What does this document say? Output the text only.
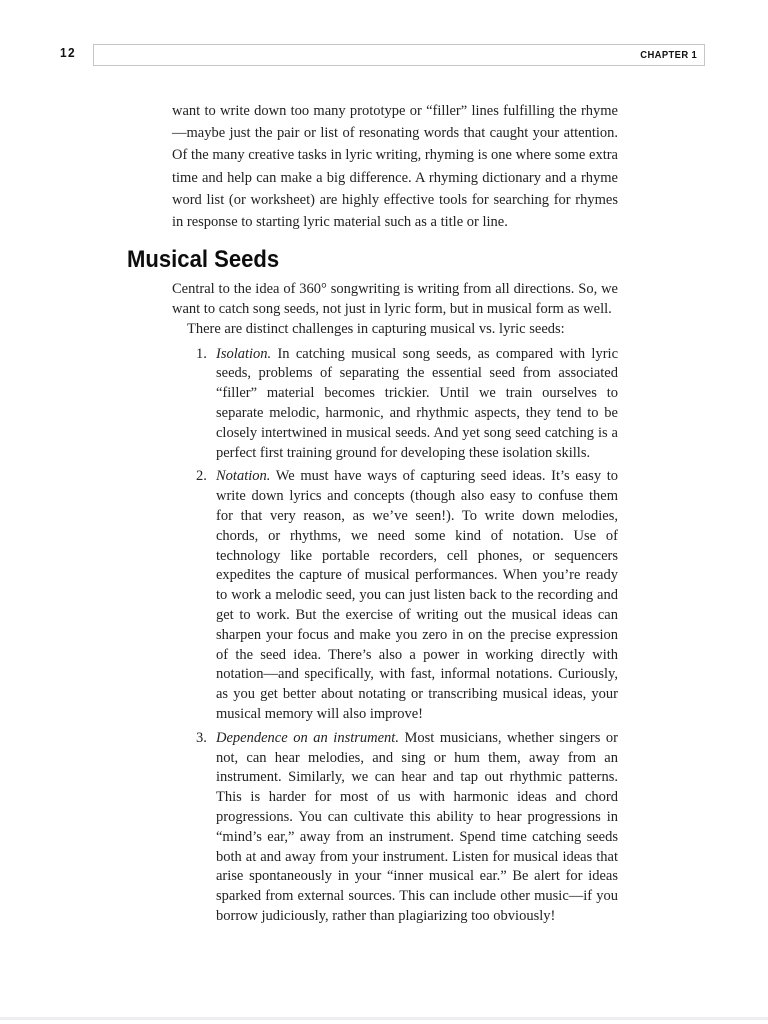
12	CHAPTER 1

want to write down too many prototype or “filler” lines fulfilling the rhyme—maybe just the pair or list of resonating words that caught your attention. Of the many creative tasks in lyric writing, rhyming is one where some extra time and help can make a big difference. A rhyming dictionary and a rhyme word list (or worksheet) are highly effective tools for searching for rhymes in response to starting lyric material such as a title or line.

Musical Seeds

Central to the idea of 360° songwriting is writing from all directions. So, we want to catch song seeds, not just in lyric form, but in musical form as well.

There are distinct challenges in capturing musical vs. lyric seeds:

1. Isolation. In catching musical song seeds, as compared with lyric seeds, problems of separating the essential seed from associated “filler” material becomes trickier. Until we train ourselves to separate melodic, harmonic, and rhythmic aspects, they tend to be closely intertwined in musical seeds. And yet song seed catching is a perfect first training ground for developing these isolation skills.
2. Notation. We must have ways of capturing seed ideas. It’s easy to write down lyrics and concepts (though also easy to confuse them for that very reason, as we’ve seen!). To write down melodies, chords, or rhythms, we need some kind of notation. Use of technology like portable recorders, cell phones, or sequencers expedites the capture of musical performances. When you’re ready to work a melodic seed, you can just listen back to the recording and get to work. But the exercise of writing out the musical ideas can sharpen your focus and make you zero in on the precise expression of the seed idea. There’s also a power in working directly with notation—and specifically, with fast, informal notations. Curiously, as you get better about notating or transcribing musical ideas, your musical memory will also improve!
3. Dependence on an instrument. Most musicians, whether singers or not, can hear melodies, and sing or hum them, away from an instrument. Similarly, we can hear and tap out rhythmic patterns. This is harder for most of us with harmonic ideas and chord progressions. You can cultivate this ability to hear progressions in “mind’s ear,” away from an instrument. Spend time catching seeds both at and away from your instrument. Listen for musical ideas that arise spontaneously in your “inner musical ear.” Be alert for ideas sparked from external sources. This can include other music—if you borrow judiciously, rather than plagiarizing too obviously!
